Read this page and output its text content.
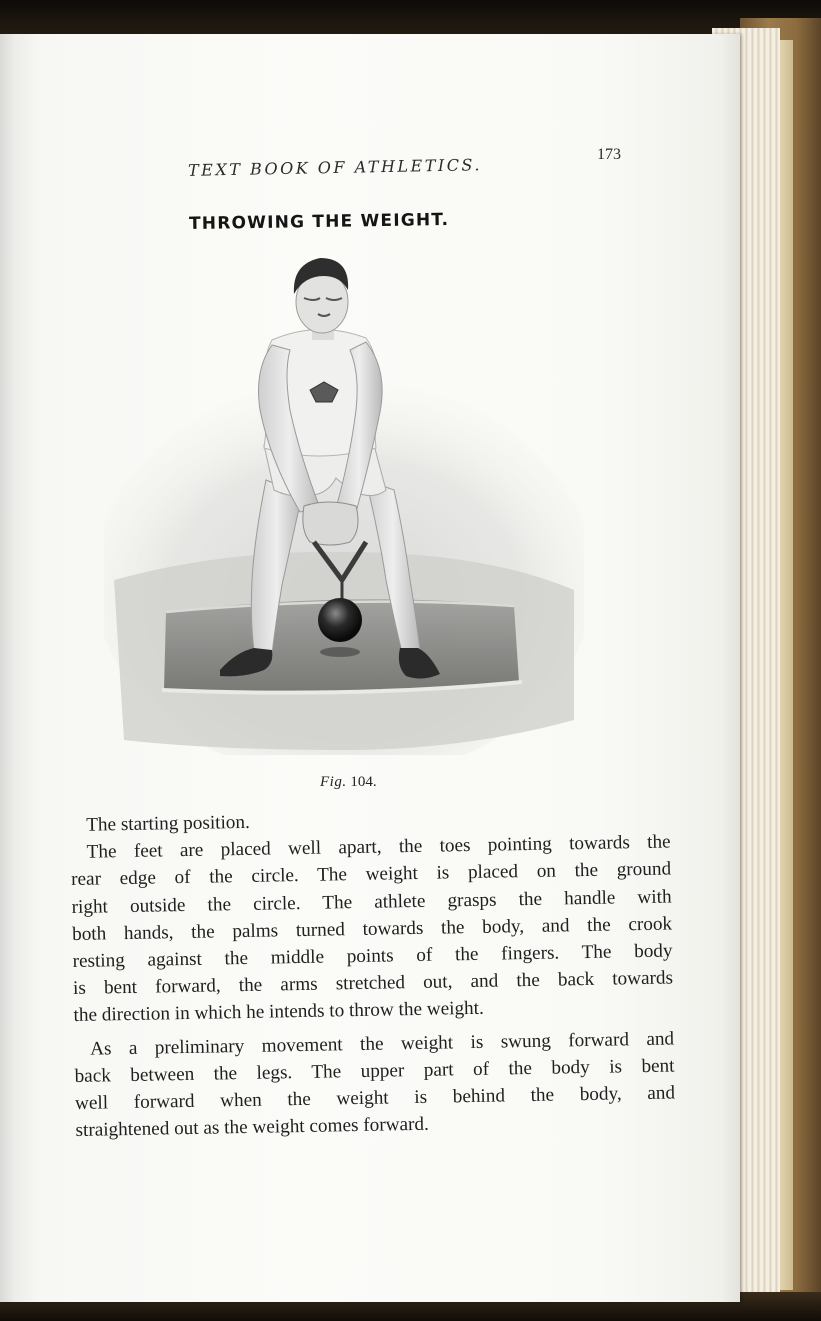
TEXT BOOK OF ATHLETICS.
173
THROWING THE WEIGHT.
Fig. 104.
The starting position.
The feet are placed well apart, the toes pointing towards the
rear edge of the circle. The weight is placed on the ground
right outside the circle. The athlete grasps the handle with
both hands, the palms turned towards the body, and the crook
resting against the middle points of the fingers. The body
is bent forward, the arms stretched out, and the back towards
the direction in which he intends to throw the weight.
As a preliminary movement the weight is swung forward and
back between the legs. The upper part of the body is bent
well forward when the weight is behind the body, and
straightened out as the weight comes forward.
